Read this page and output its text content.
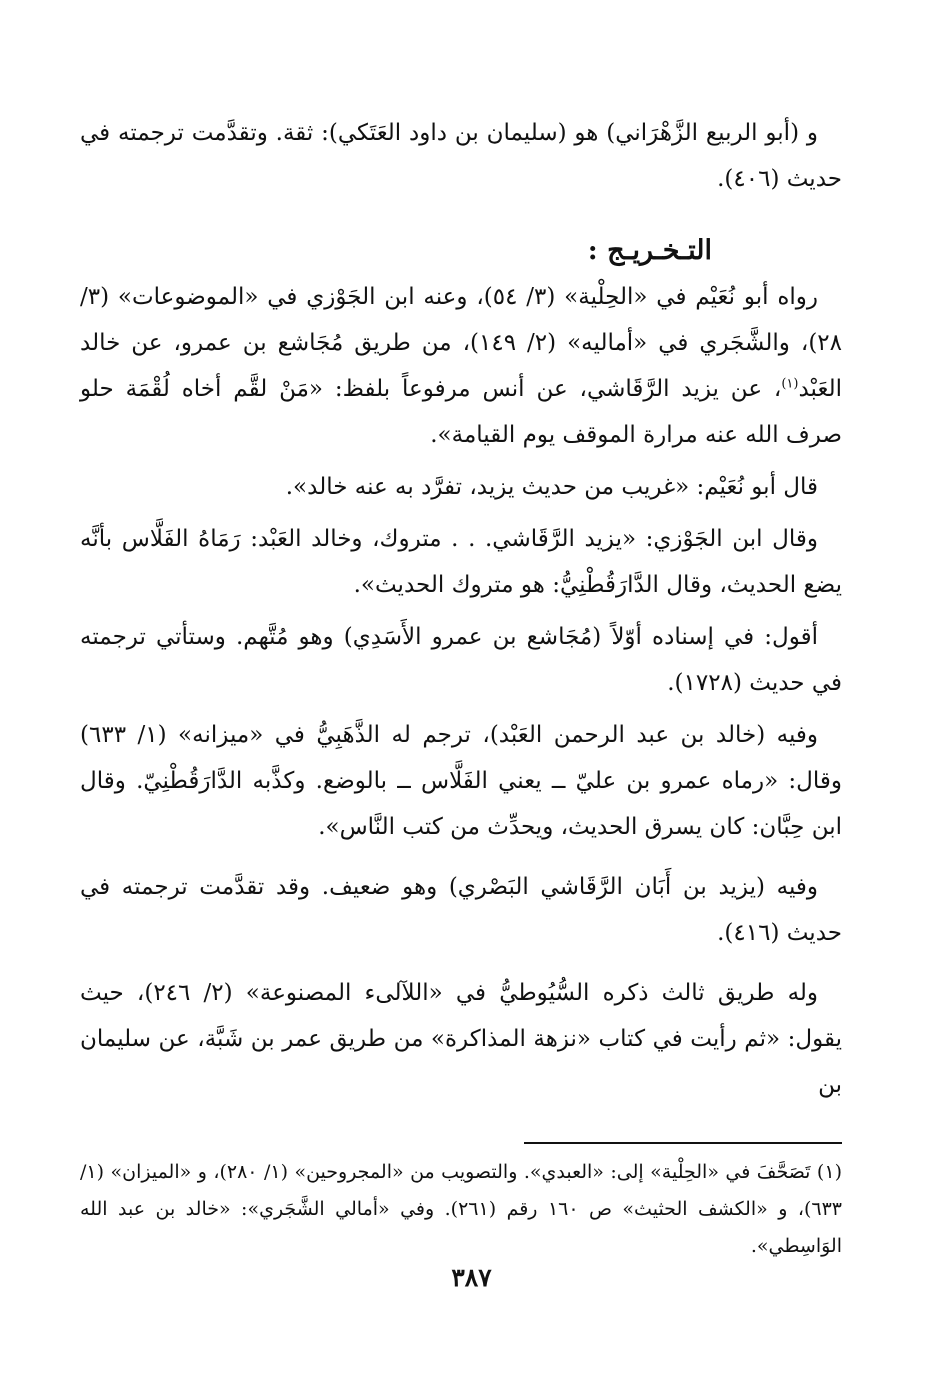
و (أبو الربيع الزَّهْرَاني) هو (سليمان بن داود العَتَكي): ثقة. وتقدَّمت ترجمته في حديث (٤٠٦).

التـخـريـج :

رواه أبو نُعَيْم في «الحِلْية» (٣/ ٥٤)، وعنه ابن الجَوْزي في «الموضوعات» (٣/ ٢٨)، والشَّجَري في «أماليه» (٢/ ١٤٩)، من طريق مُجَاشع بن عمرو، عن خالد العَبْد$^{(١)}$، عن يزيد الرَّقَاشي، عن أنس مرفوعاً بلفظ: «مَنْ لقَّم أخاه لُقْمَة حلو صرف الله عنه مرارة الموقف يوم القيامة».

قال أبو نُعَيْم: «غريب من حديث يزيد، تفرَّد به عنه خالد».

وقال ابن الجَوْزي: «يزيد الرَّقَاشي. . . متروك، وخالد العَبْد: رَمَاهُ الفَلَّاس بأنَّه يضع الحديث، وقال الدَّارَقُطْنِيُّ: هو متروك الحديث».

أقول: في إسناده أوّلاً (مُجَاشع بن عمرو الأَسَدِي) وهو مُتَّهم. وستأتي ترجمته في حديث (١٧٢٨).

وفيه (خالد بن عبد الرحمن العَبْد)، ترجم له الذَّهَبِيُّ في «ميزانه» (١/ ٦٣٣) وقال: «رماه عمرو بن عليّ ــ يعني الفَلَّاس ــ بالوضع. وكذَّبه الدَّارَقُطْنِيّ. وقال ابن حِبَّان: كان يسرق الحديث، ويحدِّث من كتب النَّاس».

وفيه (يزيد بن أَبَان الرَّقَاشي البَصْري) وهو ضعيف. وقد تقدَّمت ترجمته في حديث (٤١٦).

وله طريق ثالث ذكره السُّيُوطيُّ في «اللآلىء المصنوعة» (٢/ ٢٤٦)، حيث يقول: «ثم رأيت في كتاب «نزهة المذاكرة» من طريق عمر بن شَبَّة، عن سليمان بن

(١) تَصَحَّفَ في «الحِلْية» إلى: «العبدي». والتصويب من «المجروحين» (١/ ٢٨٠)، و «الميزان» (١/ ٦٣٣)، و «الكشف الحثيث» ص ١٦٠ رقم (٢٦١). وفي «أمالي الشَّجَري»: «خالد بن عبد الله الوَاسِطي».

٣٨٧
